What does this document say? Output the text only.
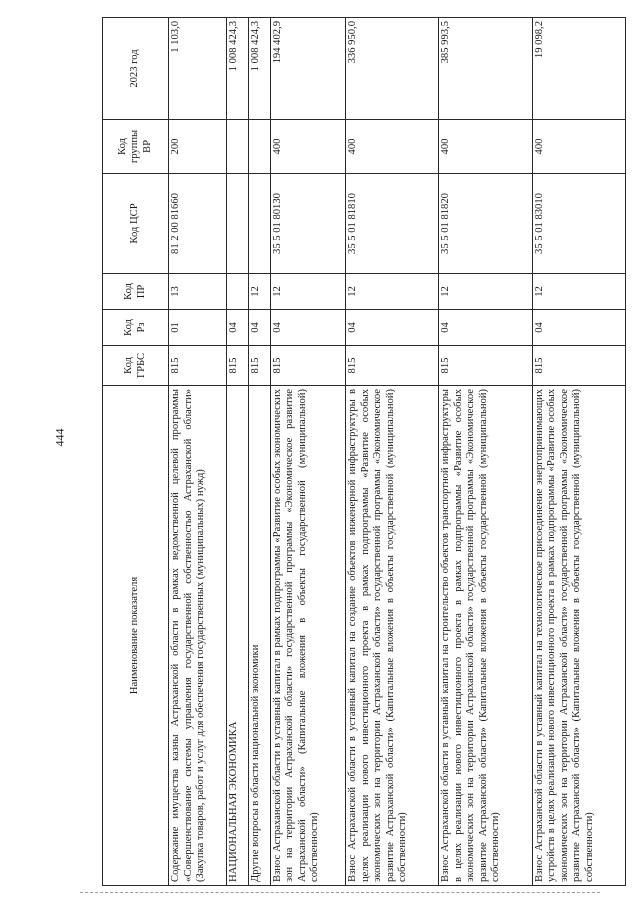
444
Наименование показателя	Код ГРБС	Код Рз	Код ПР	Код ЦСР	Код группы ВР	2023 год
Содержание имущества казны Астраханской области в рамках ведомственной целевой программы «Совершенствование системы управления государственной собственностью Астраханской области» (Закупка товаров, работ и услуг для обеспечения государственных (муниципальных) нужд)	815	01	13	81 2 00 81660	200	1 103,0
НАЦИОНАЛЬНАЯ ЭКОНОМИКА	815	04				1 008 424,3
Другие вопросы в области национальной экономики	815	04	12			1 008 424,3
Взнос Астраханской области в уставный капитал в рамках подпрограммы «Развитие особых экономических зон на территории Астраханской области» государственной программы «Экономическое развитие Астраханской области» (Капитальные вложения в объекты государственной (муниципальной) собственности)	815	04	12	35 5 01 80130	400	194 402,9
Взнос Астраханской области в уставный капитал на создание объектов инженерной инфраструктуры в целях реализации нового инвестиционного проекта в рамках подпрограммы «Развитие особых экономических зон на территории Астраханской области» государственной программы «Экономическое развитие Астраханской области» (Капитальные вложения в объекты государственной (муниципальной) собственности)	815	04	12	35 5 01 81810	400	336 950,0
Взнос Астраханской области в уставный капитал на строительство объектов транспортной инфраструктуры в целях реализации нового инвестиционного проекта в рамках подпрограммы «Развитие особых экономических зон на территории Астраханской области» государственной программы «Экономическое развитие Астраханской области» (Капитальные вложения в объекты государственной (муниципальной) собственности)	815	04	12	35 5 01 81820	400	385 993,5
Взнос Астраханской области в уставный капитал на технологическое присоединение энергопринимающих устройств в целях реализации нового инвестиционного проекта в рамках подпрограммы «Развитие особых экономических зон на территории Астраханской области» государственной программы «Экономическое развитие Астраханской области» (Капитальные вложения в объекты государственной (муниципальной) собственности)	815	04	12	35 5 01 83010	400	19 098,2
